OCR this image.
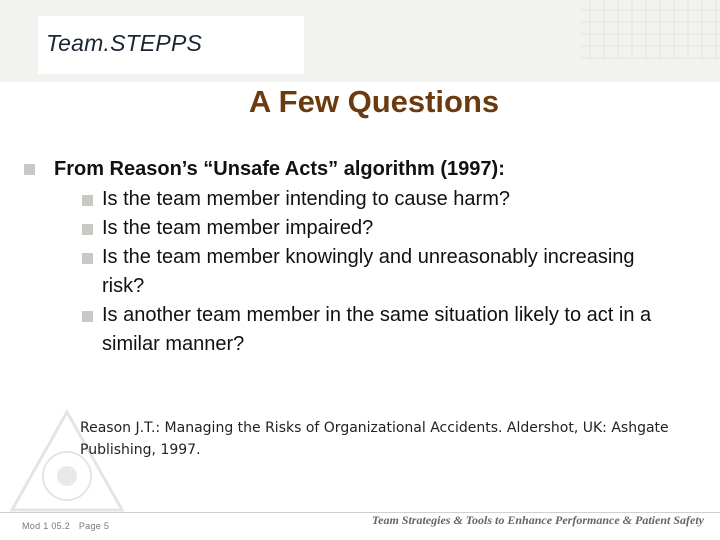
Team.STEPPS
A Few Questions
From Reason’s “Unsafe Acts” algorithm (1997):
Is the team member intending to cause harm?
Is the team member impaired?
Is the team member knowingly and unreasonably increasing risk?
Is another team member in the same situation likely to act in a similar manner?
Reason J.T.: Managing the Risks of Organizational Accidents. Aldershot, UK: Ashgate Publishing, 1997.
Mod 1 05.2 Page 5	Team Strategies & Tools to Enhance Performance & Patient Safety
